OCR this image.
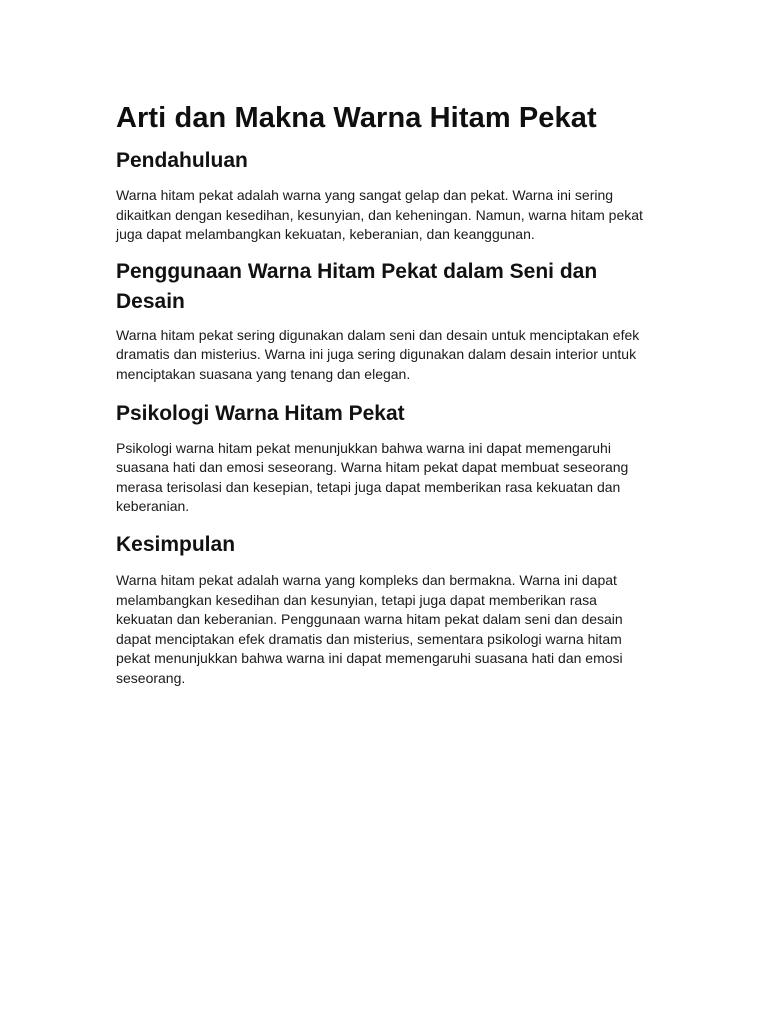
Arti dan Makna Warna Hitam Pekat
Pendahuluan

Warna hitam pekat adalah warna yang sangat gelap dan pekat. Warna ini sering dikaitkan dengan kesedihan, kesunyian, dan keheningan. Namun, warna hitam pekat juga dapat melambangkan kekuatan, keberanian, dan keanggunan.

Penggunaan Warna Hitam Pekat dalam Seni dan Desain

Warna hitam pekat sering digunakan dalam seni dan desain untuk menciptakan efek dramatis dan misterius. Warna ini juga sering digunakan dalam desain interior untuk menciptakan suasana yang tenang dan elegan.

Psikologi Warna Hitam Pekat

Psikologi warna hitam pekat menunjukkan bahwa warna ini dapat memengaruhi suasana hati dan emosi seseorang. Warna hitam pekat dapat membuat seseorang merasa terisolasi dan kesepian, tetapi juga dapat memberikan rasa kekuatan dan keberanian.

Kesimpulan

Warna hitam pekat adalah warna yang kompleks dan bermakna. Warna ini dapat melambangkan kesedihan dan kesunyian, tetapi juga dapat memberikan rasa kekuatan dan keberanian. Penggunaan warna hitam pekat dalam seni dan desain dapat menciptakan efek dramatis dan misterius, sementara psikologi warna hitam pekat menunjukkan bahwa warna ini dapat memengaruhi suasana hati dan emosi seseorang.
